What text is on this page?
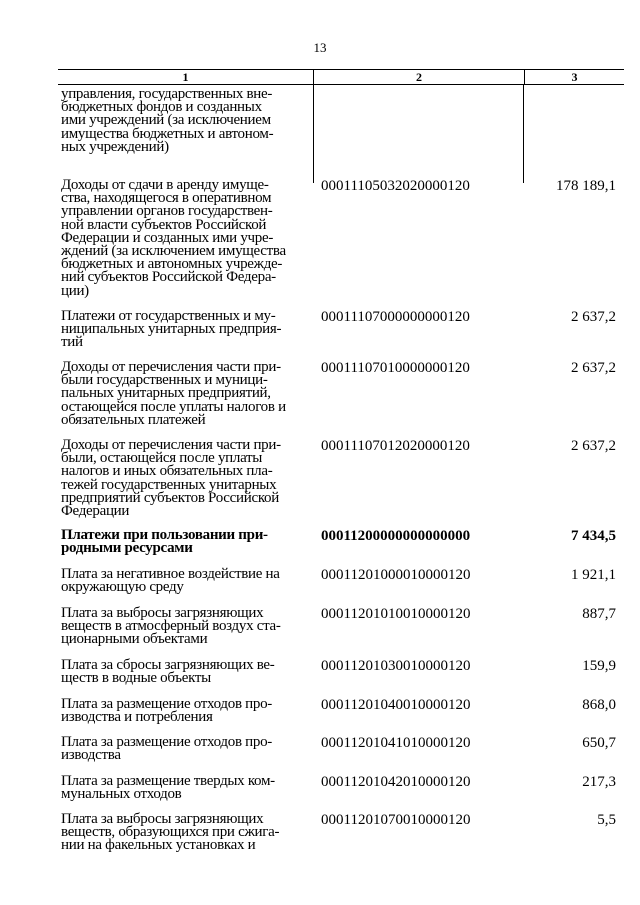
13
1	2	3
управления, государственных вне-
бюджетных фондов и созданных
ими учреждений (за исключением
имущества бюджетных и автоном-
ных учреждений)
Доходы от сдачи в аренду имуще-
ства, находящегося в оперативном
управлении органов государствен-
ной власти субъектов Российской
Федерации и созданных ими учре-
ждений (за исключением имущества
бюджетных и автономных учрежде-
ний субъектов Российской Федера-
ции)
00011105032020000120	178 189,1
Платежи от государственных и му-
ниципальных унитарных предприя-
тий
00011107000000000120	2 637,2
Доходы от перечисления части при-
были государственных и муници-
пальных унитарных предприятий,
остающейся после уплаты налогов и
обязательных платежей
00011107010000000120	2 637,2
Доходы от перечисления части при-
были, остающейся после уплаты
налогов и иных обязательных пла-
тежей государственных унитарных
предприятий субъектов Российской
Федерации
00011107012020000120	2 637,2
Платежи при пользовании при-
родными ресурсами
00011200000000000000	7 434,5
Плата за негативное воздействие на
окружающую среду
00011201000010000120	1 921,1
Плата за выбросы загрязняющих
веществ в атмосферный воздух ста-
ционарными объектами
00011201010010000120	887,7
Плата за сбросы загрязняющих ве-
ществ в водные объекты
00011201030010000120	159,9
Плата за размещение отходов про-
изводства и потребления
00011201040010000120	868,0
Плата за размещение отходов про-
изводства
00011201041010000120	650,7
Плата за размещение твердых ком-
мунальных отходов
00011201042010000120	217,3
Плата за выбросы загрязняющих
веществ, образующихся при сжига-
нии на факельных установках и
00011201070010000120	5,5
